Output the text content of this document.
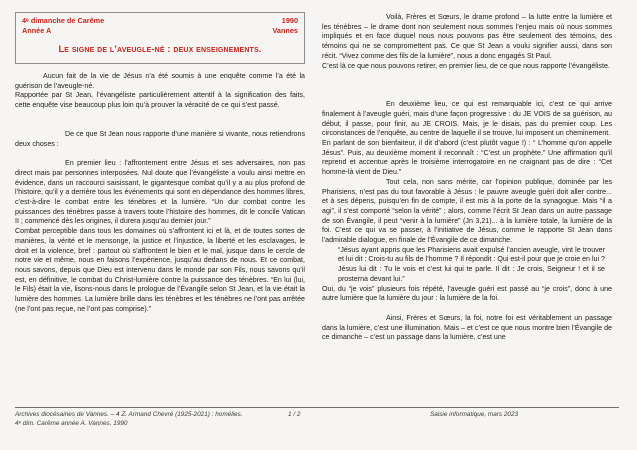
4ᵉ dimanche de Carême
Année A
1990
Vannes
Le signe de l’aveugle-né : deux enseignements.

Aucun fait de la vie de Jésus n’a été soumis à une enquête comme l’a été la guérison de l’aveugle-né.

Rapportée par St Jean, l’évangéliste particulièrement attentif à la signification des faits, cette enquête vise beaucoup plus loin qu’à prouver la véracité de ce qui s’est passé.

De ce que St Jean nous rapporte d’une manière si vivante, nous retiendrons deux choses :

En premier lieu : l’affrontement entre Jésus et ses adversaires, non pas direct mais par personnes interposées. Nul doute que l’évangéliste a voulu ainsi mettre en évidence, dans un raccourci saisissant, le gigantesque combat qu’il y a au plus profond de l’histoire, qu’il y a derrière tous les événements qui sont en dépendance des hommes libres, c’est-à-dire le combat entre les ténèbres et la lumière. “Un dur combat contre les puissances des ténèbres passe à travers toute l’histoire des hommes, dit le concile Vatican II ; commencé dès les origines, il durera jusqu’au dernier jour.”

Combat perceptible dans tous les domaines où s’affrontent ici et là, et de toutes sortes de manières, la vérité et le mensonge, la justice et l’injustice, la liberté et les esclavages, le droit et la violence, bref : partout où s’affrontent le bien et le mal, jusque dans le cercle de notre vie et même, nous en faisons l’expérience, jusqu’au dedans de nous. Et ce combat, nous savons, depuis que Dieu est intervenu dans le monde par son Fils, nous savons qu’il est, en définitive, le combat du Christ-lumière contre la puissance des ténèbres. “En lui (lui, le Fils) était la vie, lisons-nous dans le prologue de l’Évangile selon St Jean, et la vie était la lumière des hommes. La lumière brille dans les ténèbres et les ténèbres ne l’ont pas arrêtée (ne l’ont pas reçue, ne l’ont pas comprise).”

Voilà, Frères et Sœurs, le drame profond – la lutte entre la lumière et les ténèbres – le drame dont non seulement nous sommes l’enjeu mais où nous sommes impliqués et en face duquel nous nous pouvons pas être seulement des témoins, des témoins qui ne se compromettent pas. Ce que St Jean a voulu signifier aussi, dans son récit. “Vivez comme des fils de la lumière”, nous a donc engagés St Paul.

C’est là ce que nous pouvons retirer, en premier lieu, de ce que nous rapporte l’évangéliste.

En deuxième lieu, ce qui est remarquable ici, c’est ce qui arrive finalement à l’aveugle guéri, mais d’une façon progressive : du JE VOIS de sa guérison, au début, il passe, pour finir, au JE CROIS. Mais, je le disais, pas du premier coup. Les circonstances de l’enquête, au centre de laquelle il se trouve, lui imposent un cheminement.

En parlant de son bienfaiteur, il dit d’abord (c’est plutôt vague !) : “ L’homme qu’on appelle Jésus”. Puis, au deuxième moment il reconnaît : “C’est un prophète.” Une affirmation qu’il reprend et accentue après le troisième interrogatoire en ne craignant pas de dire : “Cet homme-là vient de Dieu.”

Tout cela, non sans mérite, car l’opinion publique, dominée par les Pharisiens, n’est pas du tout favorable à Jésus : le pauvre aveugle guéri doit aller contre... et à ses dépens, puisqu’en fin de compte, il est mis à la porte de la synagogue. Mais “il a agi”, il s’est comporté “selon la vérité” ; alors, comme l’écrit St Jean dans un autre passage de son Évangile, il peut “venir à la lumière” (Jn 3,21)... à la lumière totale, la lumière de la foi. C’est ce qui va se passer, à l’initiative de Jésus, comme le rapporte St Jean dans l’admirable dialogue, en finale de l’Évangile de ce dimanche.

“Jésus ayant appris que les Pharisiens avait expulsé l’ancien aveugle, vint le trouver et lui dit : Crois-tu au fils de l’homme ? Il répondit : Qui est-il pour que je croie en lui ? Jésus lui dit : Tu le vois et c’est lui qui te parle. Il dit : Je crois, Seigneur ! et il se prosterna devant lui.”

Oui, du “je vois” plusieurs fois répété, l’aveugle guéri est passé au “je crois”, donc à une autre lumière que la lumière du jour : la lumière de la foi.

Ainsi, Frères et Sœurs, la foi, notre foi est véritablement un passage dans la lumière, c’est une illumination. Mais – et c’est ce que nous montre bien l’Évangile de ce dimanche – c’est un passage dans la lumière, c’est une

Archives diocésaines de Vannes. – 4 Z. Armand Chevré (1925-2021) : homélies.	1 / 2	Saisie informatique, mars 2023
4ᵉ dim. Carême année A. Vannes, 1990
